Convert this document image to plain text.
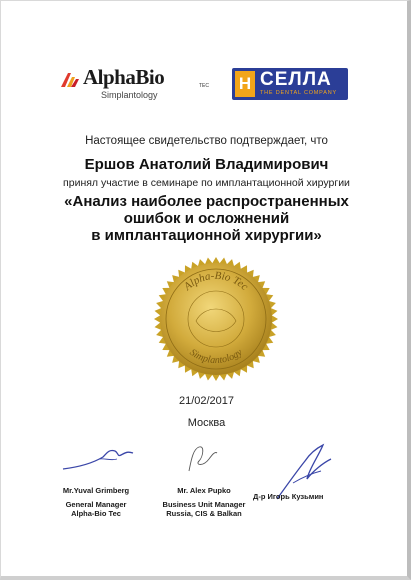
AlphaBio	TEC
Simplantology
Н СЕЛЛА
THE DENTAL COMPANY
Настоящее свидетельство подтверждает, что
Ершов Анатолий Владимирович
принял участие в семинаре по имплантационной хирургии
«Анализ наиболее распространенных
ошибок и осложнений
в имплантационной хирургии»
Alpha-Bio Tec
Simplantology
21/02/2017
Москва
Mr.Yuval Grimberg
General Manager
Alpha-Bio Tec
Mr. Alex Pupko
Business Unit Manager
Russia, CIS & Balkan
Д-р Игорь Кузьмин
